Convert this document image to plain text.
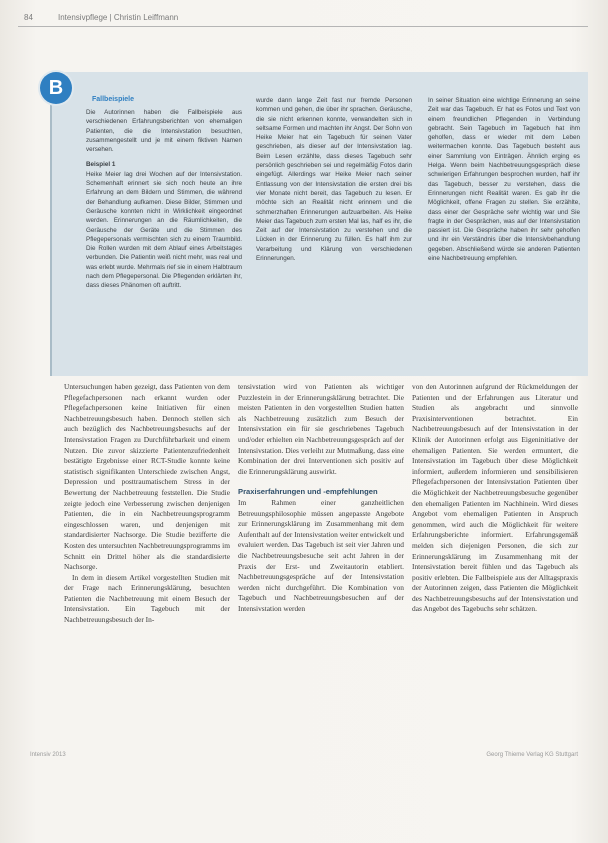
84	Intensivpflege | Christin Leiffmann
B
Fallbeispiele

Die Autorinnen haben die Fallbeispiele aus verschiedenen Erfahrungsberichten von ehemaligen Patienten, die die Intensivstation besuchten, zusammengestellt und je mit einem fiktiven Namen versehen.

Beispiel 1

Heike Meier lag drei Wochen auf der Intensivstation. Schemenhaft erinnert sie sich noch heute an ihre Erfahrung an dem Bildern und Stimmen, die während der Behandlung aufkamen. Diese Bilder, Stimmen und Geräusche konnten nicht in Wirklichkeit eingeordnet werden. Erinnerungen an die Räumlichkeiten, die Geräusche der Geräte und die Stimmen des Pflegepersonals vermischten sich zu einem Traumbild. Die Rollen wurden mit dem Ablauf eines Arbeitstages verbunden. Die Patientin weiß nicht mehr, was real und was erlebt wurde. Mehrmals rief sie in einem Halbtraum nach dem Pflegepersonal. Die Pflegenden erklärten ihr, dass dieses Phänomen oft auftritt.

wurde dann lange Zeit fast nur fremde Personen kommen und gehen, die über ihr sprachen. Geräusche, die sie nicht erkennen konnte, verwandelten sich in seltsame Formen und machten ihr Angst. Der Sohn von Heike Meier hat ein Tagebuch für seinen Vater geschrieben, als dieser auf der Intensivstation lag. Beim Lesen erzählte, dass dieses Tagebuch sehr persönlich geschrieben sei und regelmäßig Fotos darin eingefügt. Allerdings war Heike Meier nach seiner Entlassung von der Intensivstation die ersten drei bis vier Monate nicht bereit, das Tagebuch zu lesen. Er möchte sich an Realität nicht erinnern und die schmerzhaften Erinnerungen aufzuarbeiten. Als Heike Meier das Tagebuch zum ersten Mal las, half es ihr, die Zeit auf der Intensivstation zu verstehen und die Lücken in der Erinnerung zu füllen. Es half ihm zur Verarbeitung und Klärung von verschiedenen Erinnerungen.

In seiner Situation eine wichtige Erinnerung an seine Zeit war das Tagebuch. Er hat es Fotos und Text von einem freundlichen Pflegenden in Verbindung gebracht. Sein Tagebuch im Tagebuch hat ihm geholfen, dass er wieder mit dem Leben weitermachen konnte. Das Tagebuch besteht aus einer Sammlung von Einträgen. Ähnlich erging es Helga. Wenn beim Nachbetreuungsgespräch diese schwierigen Erfahrungen besprochen wurden, half ihr das Tagebuch, besser zu verstehen, dass die Erinnerungen nicht Realität waren. Es gab ihr die Möglichkeit, offene Fragen zu stellen. Sie erzählte, dass einer der Gespräche sehr wichtig war und Sie fragte in der Gesprächen, was auf der Intensivstation passiert ist. Die Gespräche haben ihr sehr geholfen und ihr ein Verständnis über die Intensivbehandlung gegeben. Abschließend würde sie anderen Patienten eine Nachbetreuung empfehlen.

Untersuchungen haben gezeigt, dass Patienten von dem Pflegefachpersonen nach erkannt wurden oder Pflegefachpersonen keine Initiativen für einen Nachbetreuungsbesuch haben. Dennoch stellen sich auch bezüglich des Nachbetreuungsbesuchs auf der Intensivstation Fragen zu Durchführbarkeit und einem Nutzen. Die zuvor skizzierte Patientenzufriedenheit bestätigte Ergebnisse einer RCT-Studie konnte keine statistisch signifikanten Unterschiede zwischen Angst, Depression und posttraumatischem Stress in der Bewertung der Nachbetreuung feststellen. Die Studie zeigte jedoch eine Verbesserung zwischen denjenigen Patienten, die in ein Nachbetreuungsprogramm eingeschlossen waren, und denjenigen mit standardisierter Nachsorge. Die Studie bezifferte die Kosten des untersuchten Nachbetreuungsprogramms im Schnitt ein Drittel höher als die standardisierte Nachsorge.

In dem in diesem Artikel vorgestellten Studien mit der Frage nach Erinnerungsklärung, besuchten Patienten die Nachbetreuung mit einem Besuch der Intensivstation. Ein Tagebuch mit der Nachbetreuungsbesuch der In-

tensivstation wird von Patienten als wichtiger Puzzlestein in der Erinnerungsklärung betrachtet. Die meisten Patienten in den vorgestellten Studien hatten als Nachbetreuung zusätzlich zum Besuch der Intensivstation ein für sie geschriebenes Tagebuch und/oder erhielten ein Nachbetreuungsgespräch auf der Intensivstation. Dies verleiht zur Mutmaßung, dass eine Kombination der drei Interventionen sich positiv auf die Erinnerungsklärung auswirkt.

Praxiserfahrungen und -empfehlungen

Im Rahmen einer ganzheitlichen Betreuungsphilosophie müssen angepasste Angebote zur Erinnerungsklärung im Zusammenhang mit dem Aufenthalt auf der Intensivstation weiter entwickelt und evaluiert werden. Das Tagebuch ist seit vier Jahren und die Nachbetreuungsbesuche seit acht Jahren in der Praxis der Erst- und Zweitautorin etabliert. Nachbetreuungsgespräche auf der Intensivstation werden nicht durchgeführt. Die Kombination von Tagebuch und Nachbetreuungsbesuchen auf der Intensivstation werden

von den Autorinnen aufgrund der Rückmeldungen der Patienten und der Erfahrungen aus Literatur und Studien als angebracht und sinnvolle Praxisinterventionen betrachtet. Ein Nachbetreuungsbesuch auf der Intensivstation in der Klinik der Autorinnen erfolgt aus Eigeninitiative der ehemaligen Patienten. Sie werden ermuntert, die Intensivstation im Tagebuch über diese Möglichkeit informiert, außerdem informieren und sensibilisieren Pflegefachpersonen der Intensivstation Patienten über die Möglichkeit der Nachbetreuungsbesuche gegenüber den ehemaligen Patienten im Nachhinein. Wird dieses Angebot vom ehemaligen Patienten in Anspruch genommen, wird auch die Möglichkeit für weitere Erfahrungsberichte informiert. Erfahrungsgemäß melden sich diejenigen Personen, die sich zur Erinnerungsklärung im Zusammenhang mit der Intensivstation bereit fühlen und das Tagebuch als positiv erlebten. Die Fallbeispiele aus der Alltagspraxis der Autorinnen zeigen, dass Patienten die Möglichkeit des Nachbetreuungsbesuchs auf der Intensivstation und das Angebot des Tagebuchs sehr schätzen.

Intensiv 2013	Georg Thieme Verlag KG Stuttgart
